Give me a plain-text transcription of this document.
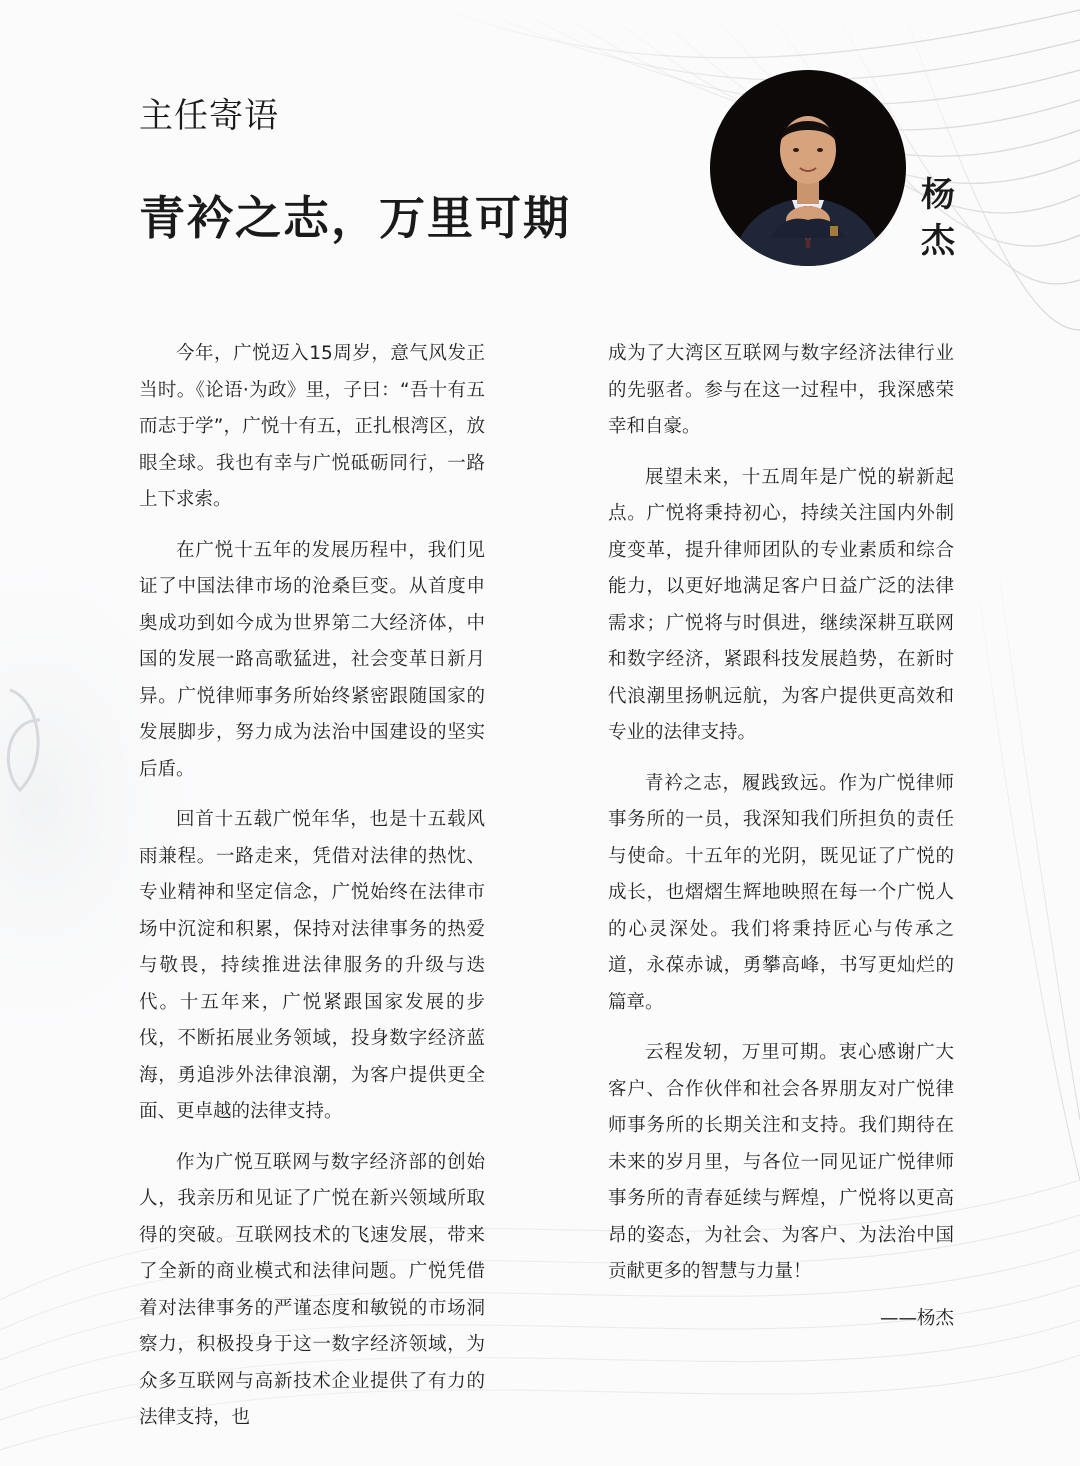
主任寄语
青衿之志，万里可期	杨
杰

今年，广悦迈入15周岁，意气风发正当时。《论语·为政》里，子曰：“吾十有五而志于学”，广悦十有五，正扎根湾区，放眼全球。我也有幸与广悦砥砺同行，一路上下求索。

在广悦十五年的发展历程中，我们见证了中国法律市场的沧桑巨变。从首度申奥成功到如今成为世界第二大经济体，中国的发展一路高歌猛进，社会变革日新月异。广悦律师事务所始终紧密跟随国家的发展脚步，努力成为法治中国建设的坚实后盾。

回首十五载广悦年华，也是十五载风雨兼程。一路走来，凭借对法律的热忱、专业精神和坚定信念，广悦始终在法律市场中沉淀和积累，保持对法律事务的热爱与敬畏，持续推进法律服务的升级与迭代。十五年来，广悦紧跟国家发展的步伐，不断拓展业务领域，投身数字经济蓝海，勇追涉外法律浪潮，为客户提供更全面、更卓越的法律支持。

作为广悦互联网与数字经济部的创始人，我亲历和见证了广悦在新兴领域所取得的突破。互联网技术的飞速发展，带来了全新的商业模式和法律问题。广悦凭借着对法律事务的严谨态度和敏锐的市场洞察力，积极投身于这一数字经济领域，为众多互联网与高新技术企业提供了有力的法律支持，也

成为了大湾区互联网与数字经济法律行业的先驱者。参与在这一过程中，我深感荣幸和自豪。

展望未来，十五周年是广悦的崭新起点。广悦将秉持初心，持续关注国内外制度变革，提升律师团队的专业素质和综合能力，以更好地满足客户日益广泛的法律需求；广悦将与时俱进，继续深耕互联网和数字经济，紧跟科技发展趋势，在新时代浪潮里扬帆远航，为客户提供更高效和专业的法律支持。

青衿之志，履践致远。作为广悦律师事务所的一员，我深知我们所担负的责任与使命。十五年的光阴，既见证了广悦的成长，也熠熠生辉地映照在每一个广悦人的心灵深处。我们将秉持匠心与传承之道，永葆赤诚，勇攀高峰，书写更灿烂的篇章。

云程发轫，万里可期。衷心感谢广大客户、合作伙伴和社会各界朋友对广悦律师事务所的长期关注和支持。我们期待在未来的岁月里，与各位一同见证广悦律师事务所的青春延续与辉煌，广悦将以更高昂的姿态，为社会、为客户、为法治中国贡献更多的智慧与力量！

——杨杰
